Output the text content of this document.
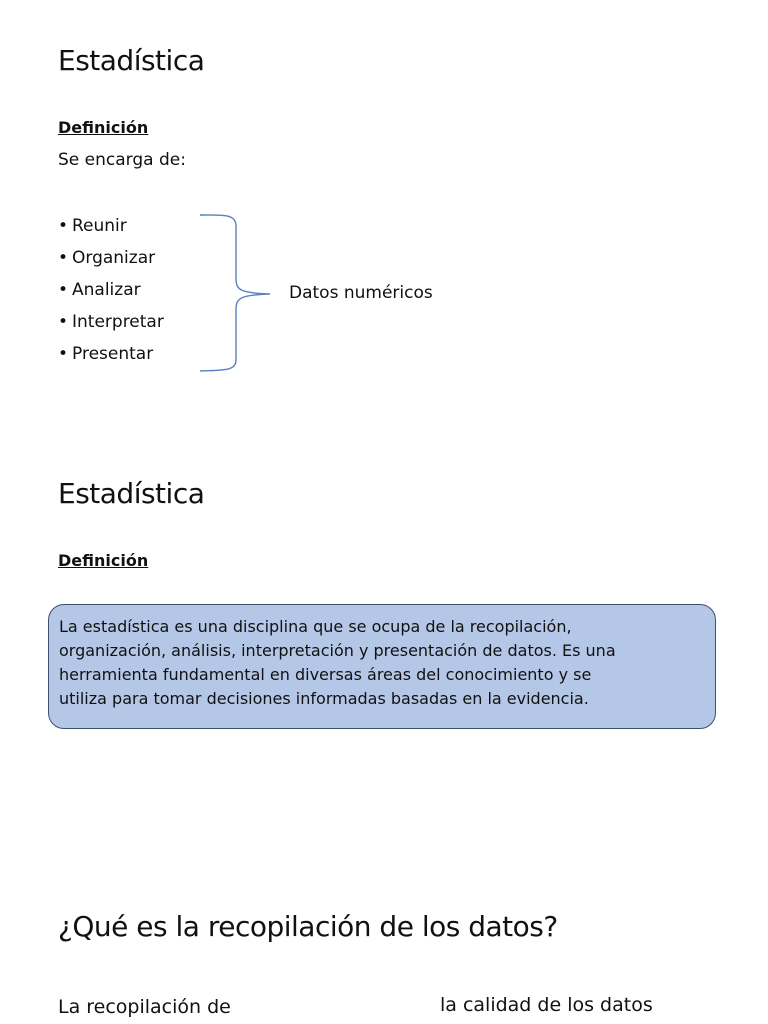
Estadística
Definición
Se encarga de:
• Reunir
• Organizar
• Analizar
• Interpretar
• Presentar
Datos numéricos
Estadística
Definición
La estadística es una disciplina que se ocupa de la recopilación,
organización, análisis, interpretación y presentación de datos. Es una
herramienta fundamental en diversas áreas del conocimiento y se
utiliza para tomar decisiones informadas basadas en la evidencia.
¿Qué es la recopilación de los datos?
La recopilación de	la calidad de los datos
